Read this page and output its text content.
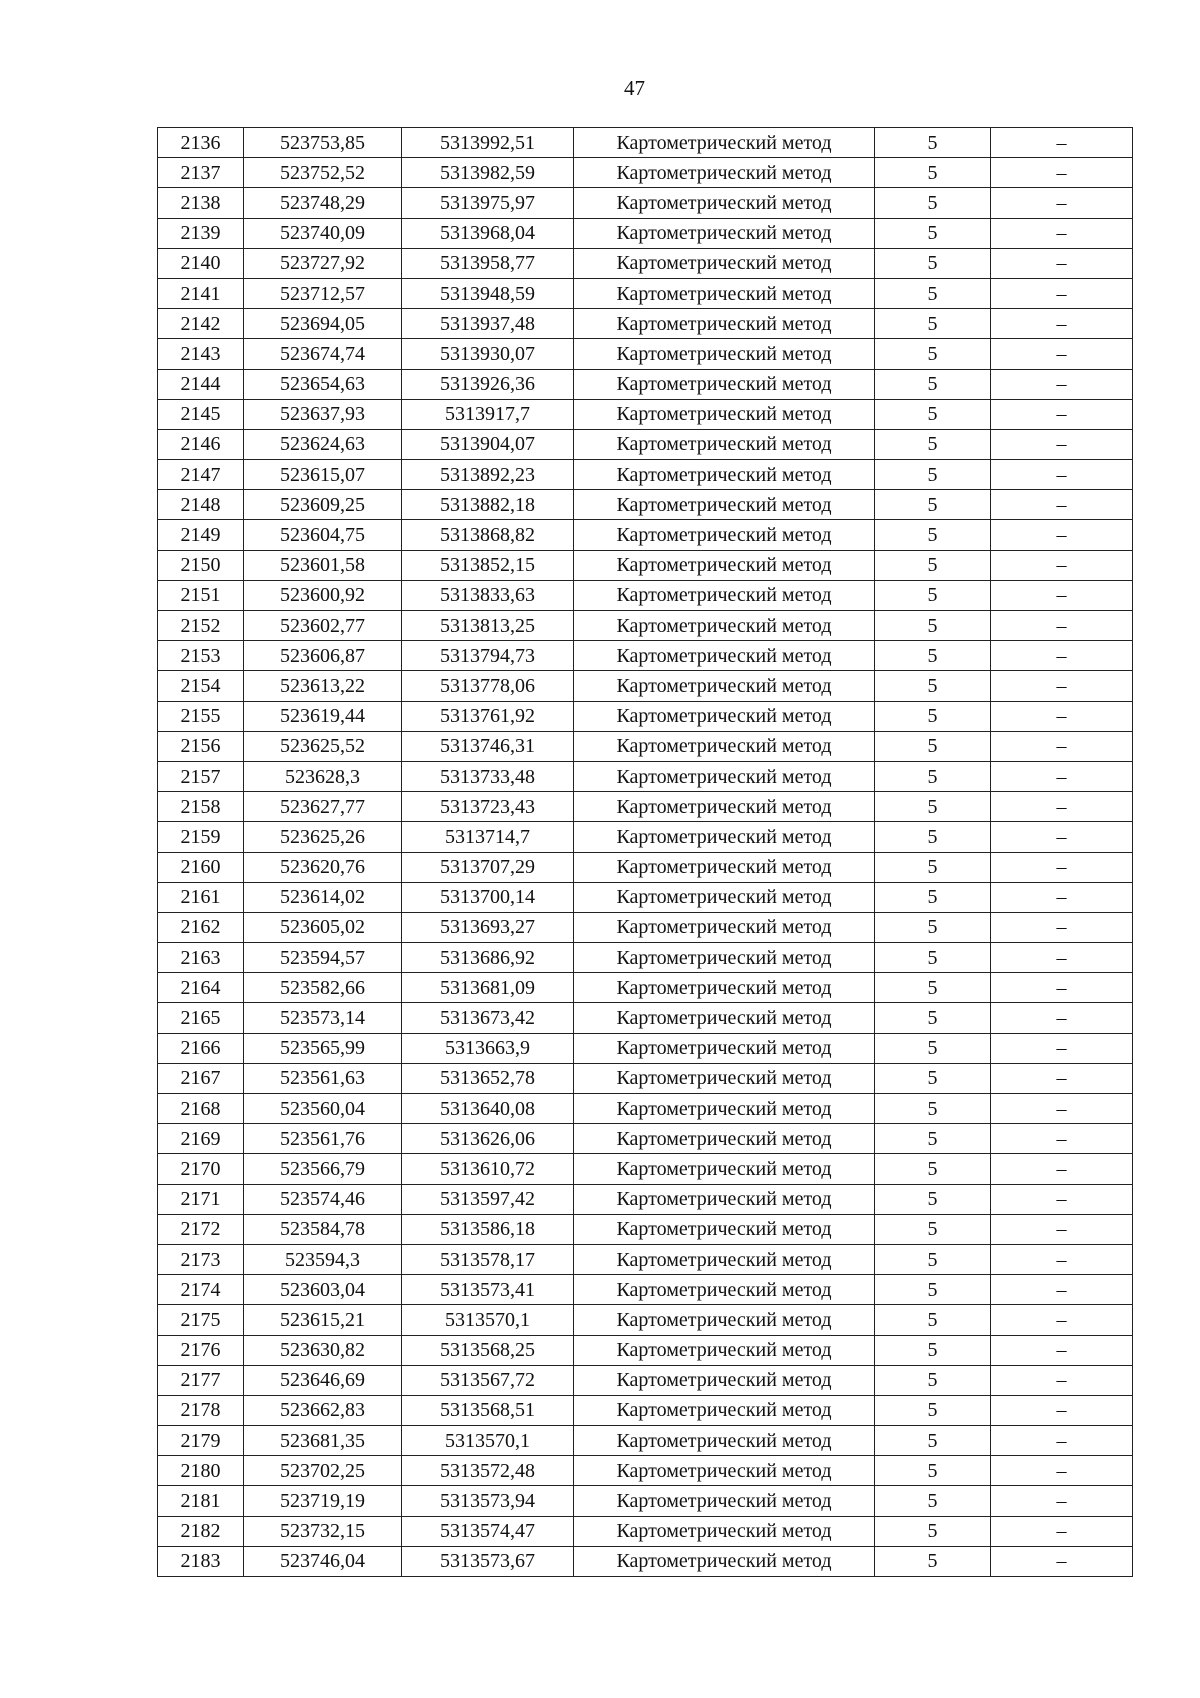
47
2136	523753,85	5313992,51	Картометрический метод	5	–
2137	523752,52	5313982,59	Картометрический метод	5	–
2138	523748,29	5313975,97	Картометрический метод	5	–
2139	523740,09	5313968,04	Картометрический метод	5	–
2140	523727,92	5313958,77	Картометрический метод	5	–
2141	523712,57	5313948,59	Картометрический метод	5	–
2142	523694,05	5313937,48	Картометрический метод	5	–
2143	523674,74	5313930,07	Картометрический метод	5	–
2144	523654,63	5313926,36	Картометрический метод	5	–
2145	523637,93	5313917,7	Картометрический метод	5	–
2146	523624,63	5313904,07	Картометрический метод	5	–
2147	523615,07	5313892,23	Картометрический метод	5	–
2148	523609,25	5313882,18	Картометрический метод	5	–
2149	523604,75	5313868,82	Картометрический метод	5	–
2150	523601,58	5313852,15	Картометрический метод	5	–
2151	523600,92	5313833,63	Картометрический метод	5	–
2152	523602,77	5313813,25	Картометрический метод	5	–
2153	523606,87	5313794,73	Картометрический метод	5	–
2154	523613,22	5313778,06	Картометрический метод	5	–
2155	523619,44	5313761,92	Картометрический метод	5	–
2156	523625,52	5313746,31	Картометрический метод	5	–
2157	523628,3	5313733,48	Картометрический метод	5	–
2158	523627,77	5313723,43	Картометрический метод	5	–
2159	523625,26	5313714,7	Картометрический метод	5	–
2160	523620,76	5313707,29	Картометрический метод	5	–
2161	523614,02	5313700,14	Картометрический метод	5	–
2162	523605,02	5313693,27	Картометрический метод	5	–
2163	523594,57	5313686,92	Картометрический метод	5	–
2164	523582,66	5313681,09	Картометрический метод	5	–
2165	523573,14	5313673,42	Картометрический метод	5	–
2166	523565,99	5313663,9	Картометрический метод	5	–
2167	523561,63	5313652,78	Картометрический метод	5	–
2168	523560,04	5313640,08	Картометрический метод	5	–
2169	523561,76	5313626,06	Картометрический метод	5	–
2170	523566,79	5313610,72	Картометрический метод	5	–
2171	523574,46	5313597,42	Картометрический метод	5	–
2172	523584,78	5313586,18	Картометрический метод	5	–
2173	523594,3	5313578,17	Картометрический метод	5	–
2174	523603,04	5313573,41	Картометрический метод	5	–
2175	523615,21	5313570,1	Картометрический метод	5	–
2176	523630,82	5313568,25	Картометрический метод	5	–
2177	523646,69	5313567,72	Картометрический метод	5	–
2178	523662,83	5313568,51	Картометрический метод	5	–
2179	523681,35	5313570,1	Картометрический метод	5	–
2180	523702,25	5313572,48	Картометрический метод	5	–
2181	523719,19	5313573,94	Картометрический метод	5	–
2182	523732,15	5313574,47	Картометрический метод	5	–
2183	523746,04	5313573,67	Картометрический метод	5	–
